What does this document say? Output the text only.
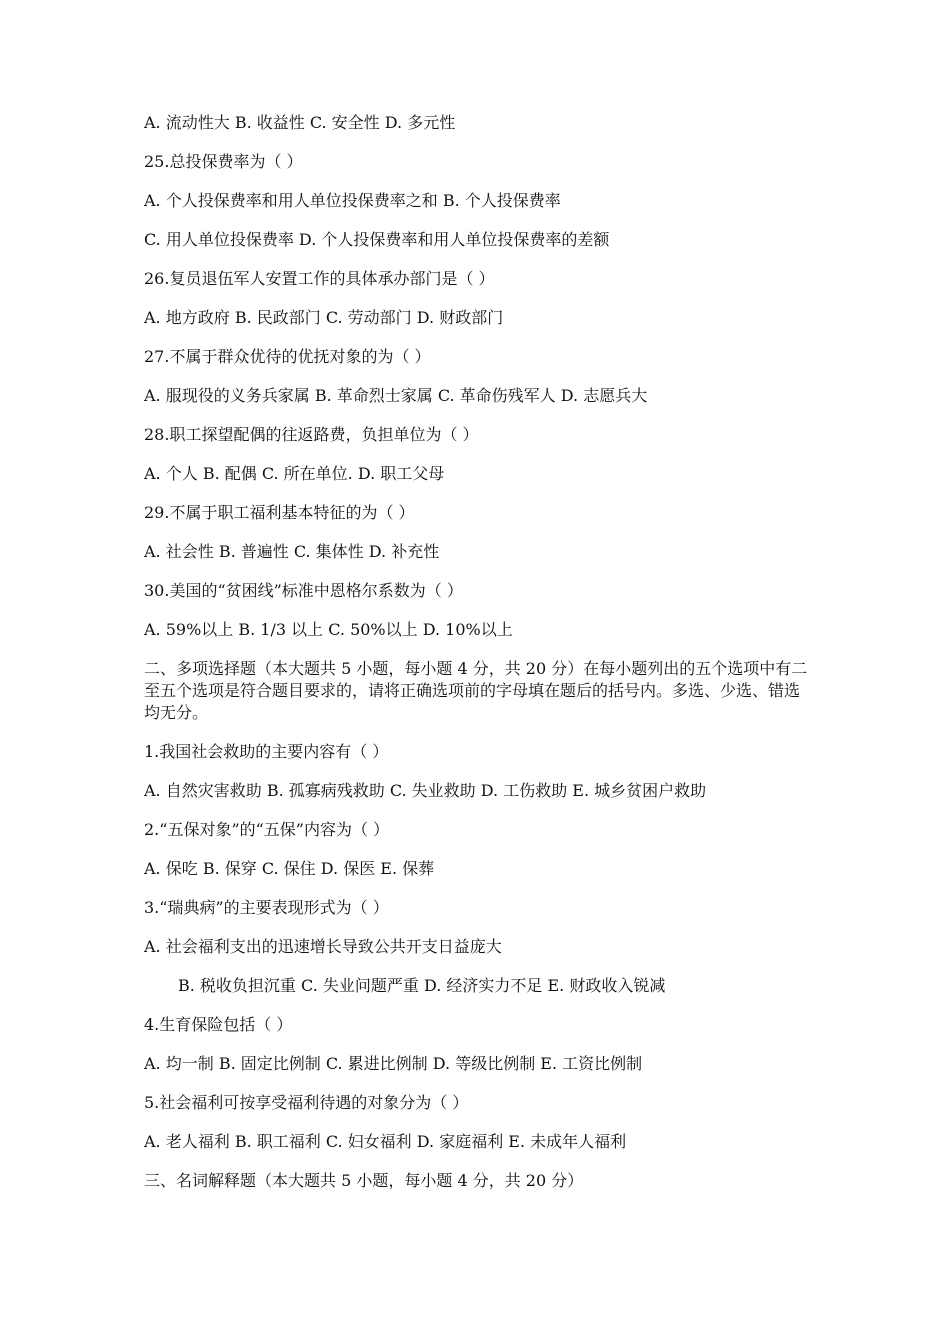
A. 流动性大 B. 收益性 C. 安全性 D. 多元性
25.总投保费率为（ ）
A. 个人投保费率和用人单位投保费率之和 B. 个人投保费率
C. 用人单位投保费率 D. 个人投保费率和用人单位投保费率的差额
26.复员退伍军人安置工作的具体承办部门是（ ）
A. 地方政府 B. 民政部门 C. 劳动部门 D. 财政部门
27.不属于群众优待的优抚对象的为（ ）
A. 服现役的义务兵家属 B. 革命烈士家属 C. 革命伤残军人 D. 志愿兵大
28.职工探望配偶的往返路费，负担单位为（ ）
A. 个人 B. 配偶 C. 所在单位. D. 职工父母
29.不属于职工福利基本特征的为（ ）
A. 社会性 B. 普遍性 C. 集体性 D. 补充性
30.美国的“贫困线”标准中恩格尔系数为（ ）
A. 59%以上 B. 1/3 以上 C. 50%以上 D. 10%以上
二、多项选择题（本大题共 5 小题，每小题 4 分，共 20 分）在每小题列出的五个选项中有二至五个选项是符合题目要求的，请将正确选项前的字母填在题后的括号内。多选、少选、错选均无分。
1.我国社会救助的主要内容有（ ）
A. 自然灾害救助 B. 孤寡病残救助 C. 失业救助 D. 工伤救助 E. 城乡贫困户救助
2.“五保对象”的“五保”内容为（ ）
A. 保吃 B. 保穿 C. 保住 D. 保医 E. 保葬
3.“瑞典病”的主要表现形式为（ ）
A. 社会福利支出的迅速增长导致公共开支日益庞大
B. 税收负担沉重 C. 失业问题严重 D. 经济实力不足 E. 财政收入锐减
4.生育保险包括（ ）
A. 均一制 B. 固定比例制 C. 累进比例制 D. 等级比例制 E. 工资比例制
5.社会福利可按享受福利待遇的对象分为（ ）
A. 老人福利 B. 职工福利 C. 妇女福利 D. 家庭福利 E. 未成年人福利
三、名词解释题（本大题共 5 小题，每小题 4 分，共 20 分）
